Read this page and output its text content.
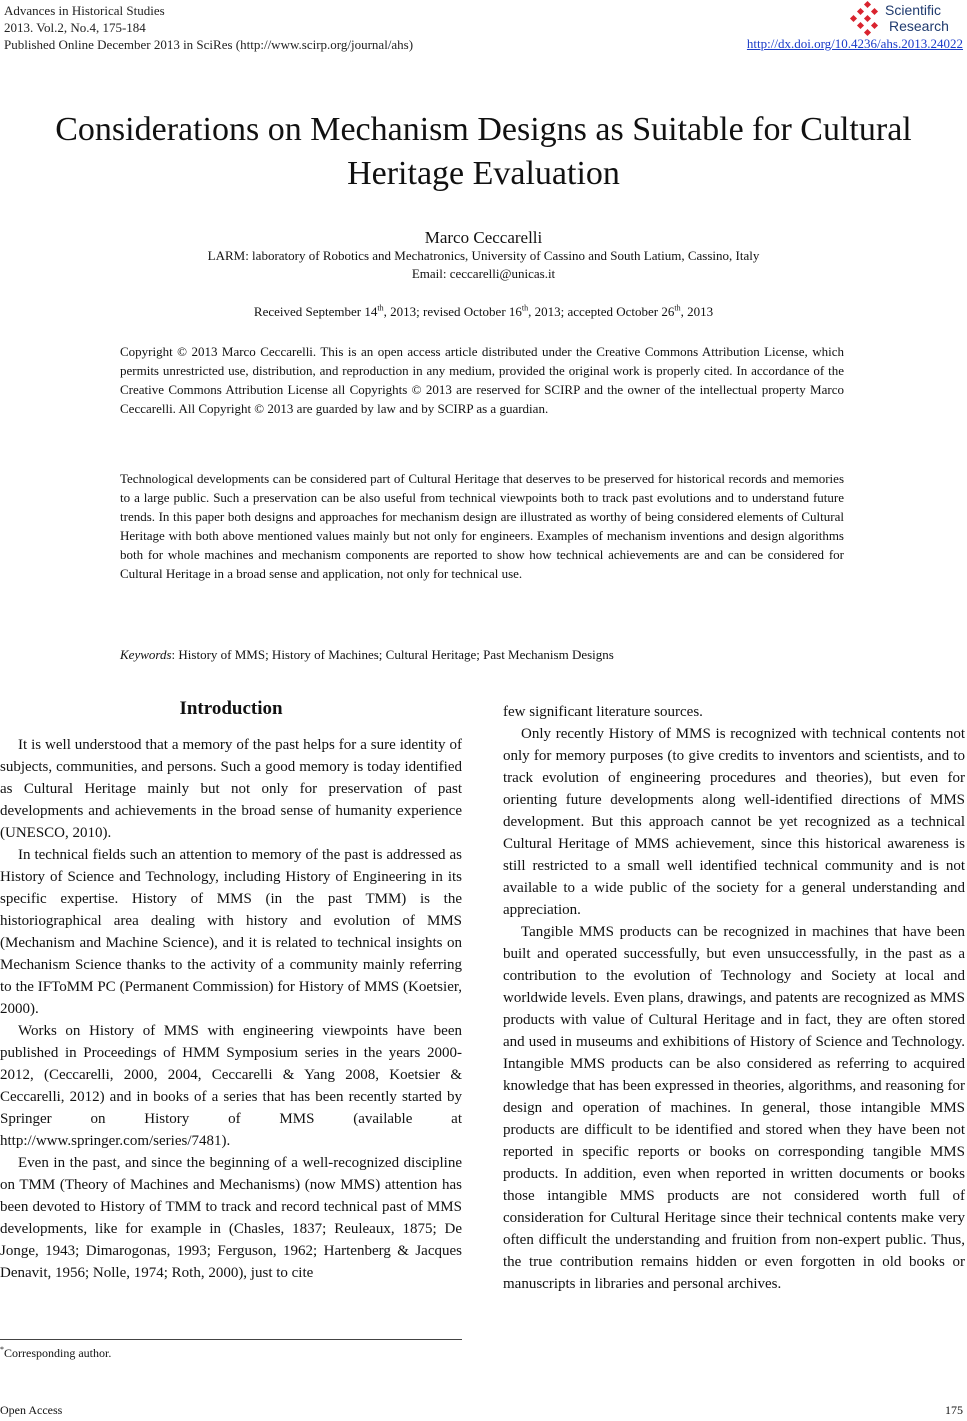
Advances in Historical Studies
2013. Vol.2, No.4, 175-184
Published Online December 2013 in SciRes (http://www.scirp.org/journal/ahs)
Scientific
Research
http://dx.doi.org/10.4236/ahs.2013.24022
Considerations on Mechanism Designs as Suitable for Cultural Heritage Evaluation
Marco Ceccarelli
LARM: laboratory of Robotics and Mechatronics, University of Cassino and South Latium, Cassino, Italy
Email: ceccarelli@unicas.it
Received September 14th, 2013; revised October 16th, 2013; accepted October 26th, 2013
Copyright © 2013 Marco Ceccarelli. This is an open access article distributed under the Creative Commons Attribution License, which permits unrestricted use, distribution, and reproduction in any medium, provided the original work is properly cited. In accordance of the Creative Commons Attribution License all Copyrights © 2013 are reserved for SCIRP and the owner of the intellectual property Marco Ceccarelli. All Copyright © 2013 are guarded by law and by SCIRP as a guardian.
Technological developments can be considered part of Cultural Heritage that deserves to be preserved for historical records and memories to a large public. Such a preservation can be also useful from technical viewpoints both to track past evolutions and to understand future trends. In this paper both designs and approaches for mechanism design are illustrated as worthy of being considered elements of Cultural Heritage with both above mentioned values mainly but not only for engineers. Examples of mechanism inventions and design algorithms both for whole machines and mechanism components are reported to show how technical achievements are and can be considered for Cultural Heritage in a broad sense and application, not only for technical use.
Keywords: History of MMS; History of Machines; Cultural Heritage; Past Mechanism Designs
Introduction

It is well understood that a memory of the past helps for a sure identity of subjects, communities, and persons. Such a good memory is today identified as Cultural Heritage mainly but not only for preservation of past developments and achievements in the broad sense of humanity experience (UNESCO, 2010).

In technical fields such an attention to memory of the past is addressed as History of Science and Technology, including History of Engineering in its specific expertise. History of MMS (in the past TMM) is the historiographical area dealing with history and evolution of MMS (Mechanism and Machine Science), and it is related to technical insights on Mechanism Science thanks to the activity of a community mainly referring to the IFToMM PC (Permanent Commission) for History of MMS (Koetsier, 2000).

Works on History of MMS with engineering viewpoints have been published in Proceedings of HMM Symposium series in the years 2000-2012, (Ceccarelli, 2000, 2004, Ceccarelli & Yang 2008, Koetsier & Ceccarelli, 2012) and in books of a series that has been recently started by Springer on History of MMS (available at http://www.springer.com/series/7481).

Even in the past, and since the beginning of a well-recognized discipline on TMM (Theory of Machines and Mechanisms) (now MMS) attention has been devoted to History of TMM to track and record technical past of MMS developments, like for example in (Chasles, 1837; Reuleaux, 1875; De Jonge, 1943; Dimarogonas, 1993; Ferguson, 1962; Hartenberg & Jacques Denavit, 1956; Nolle, 1974; Roth, 2000), just to cite

few significant literature sources.

Only recently History of MMS is recognized with technical contents not only for memory purposes (to give credits to inventors and scientists, and to track evolution of engineering procedures and theories), but even for orienting future developments along well-identified directions of MMS development. But this approach cannot be yet recognized as a technical Cultural Heritage of MMS achievement, since this historical awareness is still restricted to a small well identified technical community and is not available to a wide public of the society for a general understanding and appreciation.

Tangible MMS products can be recognized in machines that have been built and operated successfully, but even unsuccessfully, in the past as a contribution to the evolution of Technology and Society at local and worldwide levels. Even plans, drawings, and patents are recognized as MMS products with value of Cultural Heritage and in fact, they are often stored and used in museums and exhibitions of History of Science and Technology. Intangible MMS products can be also considered as referring to acquired knowledge that has been expressed in theories, algorithms, and reasoning for design and operation of machines. In general, those intangible MMS products are difficult to be identified and stored when they have been not reported in specific reports or books on corresponding tangible MMS products. In addition, even when reported in written documents or books those intangible MMS products are not considered worth full of consideration for Cultural Heritage since their technical contents make very often difficult the understanding and fruition from non-expert public. Thus, the true contribution remains hidden or even forgotten in old books or manuscripts in libraries and personal archives.

*Corresponding author.
Open Access	175
